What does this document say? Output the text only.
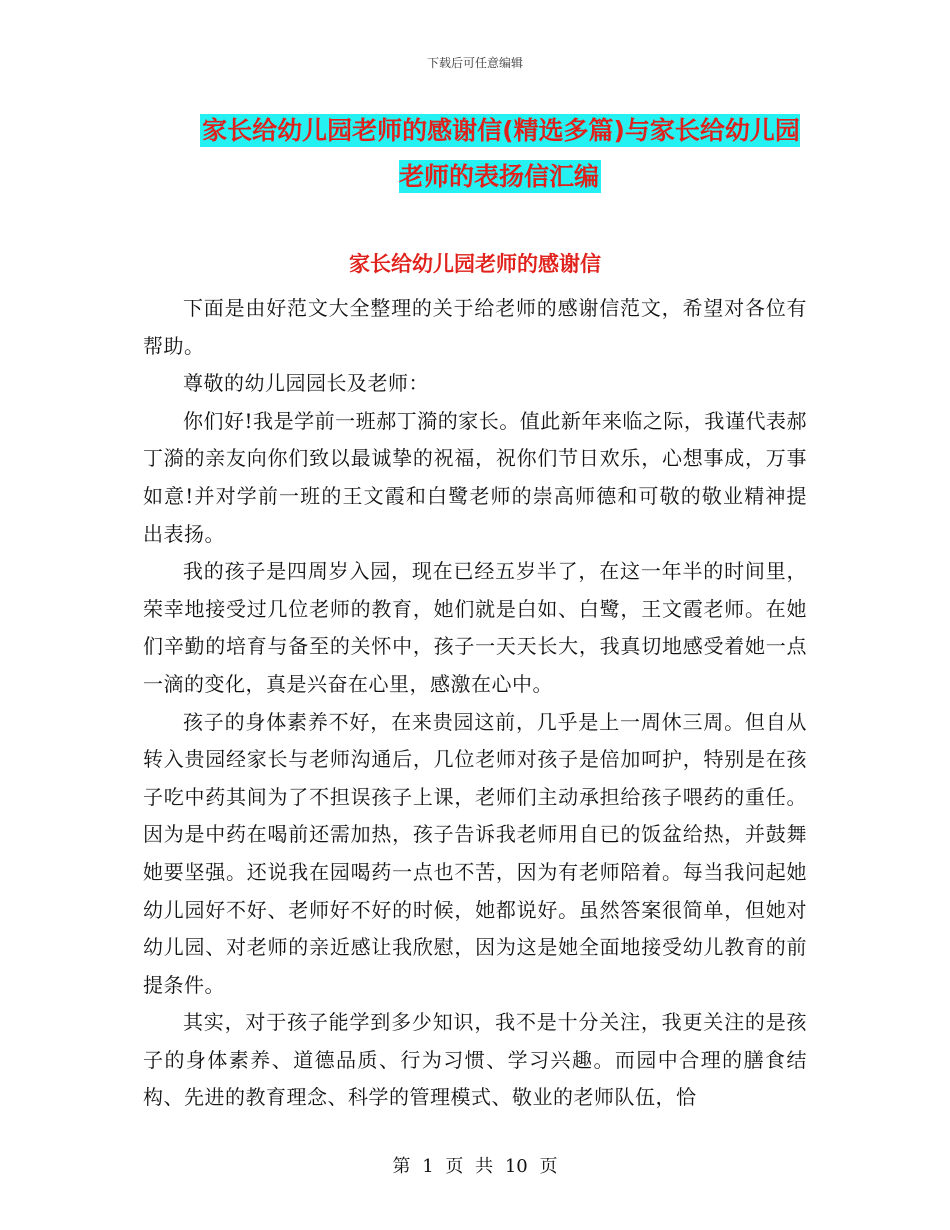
下载后可任意编辑
家长给幼儿园老师的感谢信(精选多篇)与家长给幼儿园老师的表扬信汇编
家长给幼儿园老师的感谢信

下面是由好范文大全整理的关于给老师的感谢信范文，希望对各位有帮助。

尊敬的幼儿园园长及老师：

你们好!我是学前一班郝丁漪的家长。值此新年来临之际，我谨代表郝丁漪的亲友向你们致以最诚挚的祝福，祝你们节日欢乐，心想事成，万事如意!并对学前一班的王文霞和白鹭老师的崇高师德和可敬的敬业精神提出表扬。

我的孩子是四周岁入园，现在已经五岁半了，在这一年半的时间里，荣幸地接受过几位老师的教育，她们就是白如、白鹭，王文霞老师。在她们辛勤的培育与备至的关怀中，孩子一天天长大，我真切地感受着她一点一滴的变化，真是兴奋在心里，感激在心中。

孩子的身体素养不好，在来贵园这前，几乎是上一周休三周。但自从转入贵园经家长与老师沟通后，几位老师对孩子是倍加呵护，特别是在孩子吃中药其间为了不担误孩子上课，老师们主动承担给孩子喂药的重任。因为是中药在喝前还需加热，孩子告诉我老师用自已的饭盆给热，并鼓舞她要坚强。还说我在园喝药一点也不苦，因为有老师陪着。每当我问起她幼儿园好不好、老师好不好的时候，她都说好。虽然答案很简单，但她对幼儿园、对老师的亲近感让我欣慰，因为这是她全面地接受幼儿教育的前提条件。

其实，对于孩子能学到多少知识，我不是十分关注，我更关注的是孩子的身体素养、道德品质、行为习惯、学习兴趣。而园中合理的膳食结构、先进的教育理念、科学的管理模式、敬业的老师队伍，恰

第 1 页 共 10 页
